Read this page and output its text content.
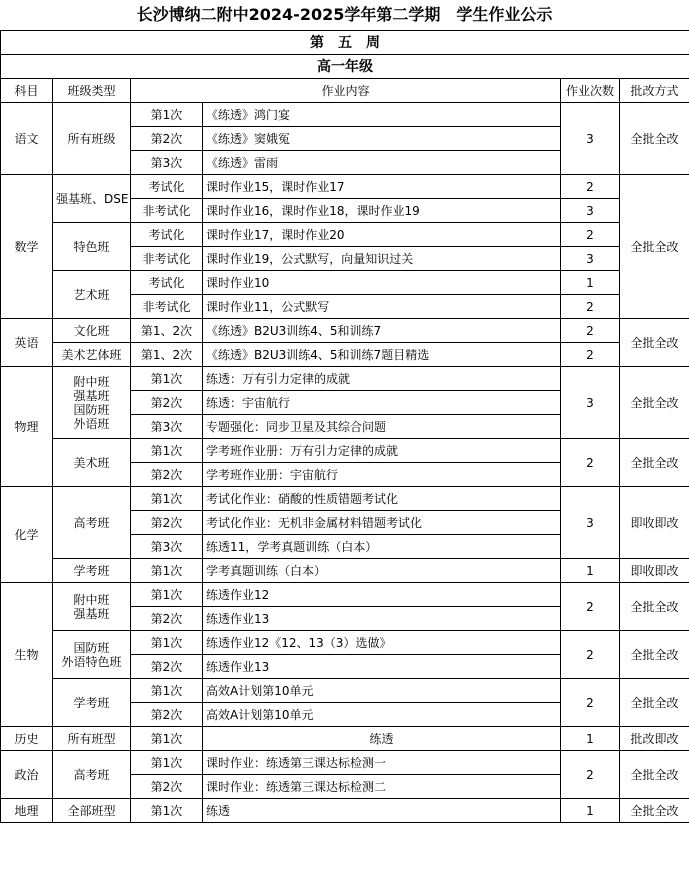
长沙博纳二附中2024-2025学年第二学期　学生作业公示
第　五　周					
高一年级					
科目	班级类型	作业内容		作业次数	批改方式
语文	所有班级	第1次	《练透》鸿门宴	3	全批全改
		第2次	《练透》窦娥冤		
		第3次	《练透》雷雨		
数学	强基班、DSE	考试化	课时作业15，课时作业17	2	全批全改
		非考试化	课时作业16，课时作业18，课时作业19	3	
	特色班	考试化	课时作业17，课时作业20	2	
		非考试化	课时作业19，公式默写，向量知识过关	3	
	艺术班	考试化	课时作业10	1	
		非考试化	课时作业11，公式默写	2	
英语	文化班	第1、2次	《练透》B2U3训练4、5和训练7	2	全批全改
	美术艺体班	第1、2次	《练透》B2U3训练4、5和训练7题目精选	2	
物理	附中班
强基班
国防班
外语班	第1次	练透：万有引力定律的成就	3	全批全改
		第2次	练透：宇宙航行		
		第3次	专题强化：同步卫星及其综合问题		
	美术班	第1次	学考班作业册：万有引力定律的成就	2	全批全改
		第2次	学考班作业册：宇宙航行		
化学	高考班	第1次	考试化作业：硝酸的性质错题考试化	3	即收即改
		第2次	考试化作业：无机非金属材料错题考试化		
		第3次	练透11，学考真题训练（白本）		
	学考班	第1次	学考真题训练（白本）	1	即收即改
生物	附中班
强基班	第1次	练透作业12	2	全批全改
		第2次	练透作业13		

	国防班
外语特色班	第1次	练透作业12《12、13（3）选做》	2	全批全改
		第2次	练透作业13		
	学考班	第1次	高效A计划第10单元	2	全批全改
		第2次	高效A计划第10单元		
历史	所有班型	第1次	练透	1	批改即改
政治	高考班	第1次	课时作业：练透第三课达标检测一	2	全批全改
		第2次	课时作业：练透第三课达标检测二		
地理	全部班型	第1次	练透	1	全批全改
